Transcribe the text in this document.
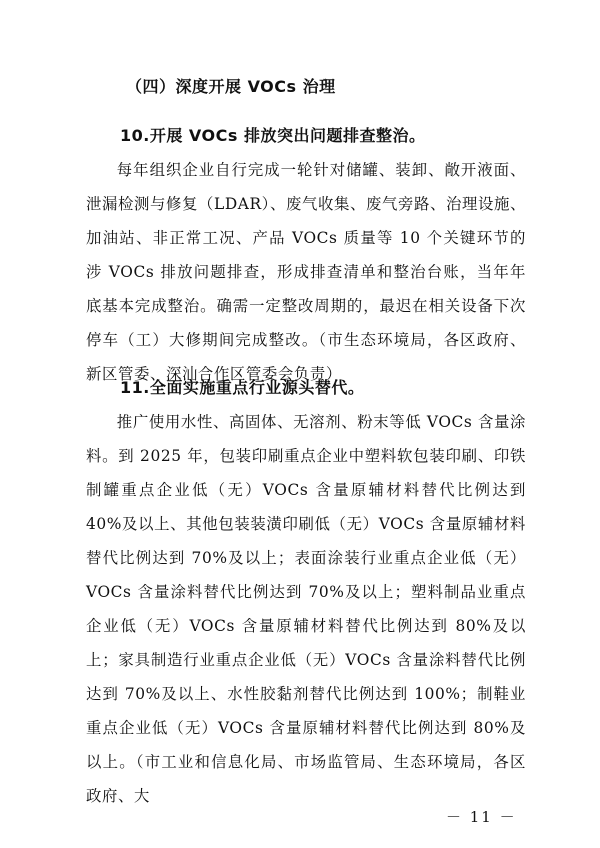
（四）深度开展 VOCs 治理
10.开展 VOCs 排放突出问题排查整治。

每年组织企业自行完成一轮针对储罐、装卸、敞开液面、泄漏检测与修复（LDAR）、废气收集、废气旁路、治理设施、加油站、非正常工况、产品 VOCs 质量等 10 个关键环节的涉 VOCs 排放问题排查，形成排查清单和整治台账，当年年底基本完成整治。确需一定整改周期的，最迟在相关设备下次停车（工）大修期间完成整改。（市生态环境局，各区政府、新区管委、深汕合作区管委会负责）

11.全面实施重点行业源头替代。

推广使用水性、高固体、无溶剂、粉末等低 VOCs 含量涂料。到 2025 年，包装印刷重点企业中塑料软包装印刷、印铁制罐重点企业低（无）VOCs 含量原辅材料替代比例达到 40%及以上、其他包装装潢印刷低（无）VOCs 含量原辅材料替代比例达到 70%及以上；表面涂装行业重点企业低（无）VOCs 含量涂料替代比例达到 70%及以上；塑料制品业重点企业低（无）VOCs 含量原辅材料替代比例达到 80%及以上；家具制造行业重点企业低（无）VOCs 含量涂料替代比例达到 70%及以上、水性胶黏剂替代比例达到 100%；制鞋业重点企业低（无）VOCs 含量原辅材料替代比例达到 80%及以上。（市工业和信息化局、市场监管局、生态环境局，各区政府、大

－ 11 －
